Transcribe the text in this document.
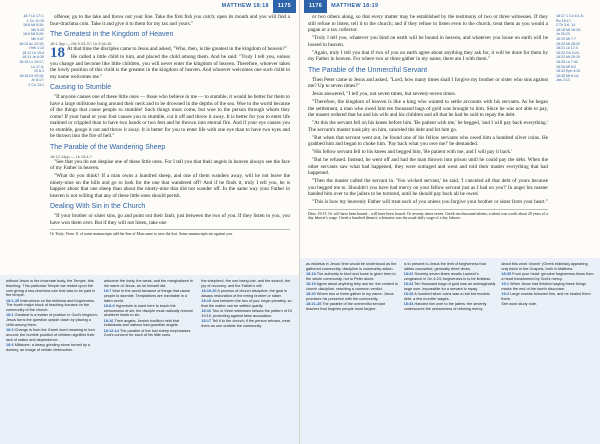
MATTHEW 18:18 1175
18:7 Lk 17:1;
1 Co 11:19
18:8 Mt 5:30;
Mk 9:43
18:9 Mt 5:29;
Mk 9:47
18:10 Ac 12:15;
Heb 1:14
18:12 Lk 15:4
18:14 Jn 6:39
18:15 Lv 19:17;
Lk 17:3;
Gl 6:1
18:16 Dt 19:15;
Jn 8:17;
2 Co 13:1

offense; go to the lake and throw out your line. Take the first fish you catch; open its mouth and you will find a four-drachma coin. Take it and give it to them for my tax and yours."

The Greatest in the Kingdom of Heaven
18:1-5pp — Mk 9:33-37; Lk 9:46-48

18 At that time the disciples came to Jesus and asked, "Who, then, is the greatest in the kingdom of heaven?"

He called a little child to him, and placed the child among them. And he said: "Truly I tell you, unless you change and become like little children, you will never enter the kingdom of heaven. Therefore, whoever takes the lowly position of this child is the greatest in the kingdom of heaven. And whoever welcomes one such child in my name welcomes me."

Causing to Stumble

"If anyone causes one of these little ones — those who believe in me — to stumble, it would be better for them to have a large millstone hung around their neck and to be drowned in the depths of the sea. Woe to the world because of the things that cause people to stumble! Such things must come, but woe to the person through whom they come! If your hand or your foot causes you to stumble, cut it off and throw it away. It is better for you to enter life maimed or crippled than to have two hands or two feet and be thrown into eternal fire. And if your eye causes you to stumble, gouge it out and throw it away. It is better for you to enter life with one eye than to have two eyes and be thrown into the fire of hell."

The Parable of the Wandering Sheep
18:12-14pp — Lk 15:4-7

"See that you do not despise one of these little ones. For I tell you that their angels in heaven always see the face of my Father in heaven.

"What do you think? If a man owns a hundred sheep, and one of them wanders away, will he not leave the ninety-nine on the hills and go to look for the one that wandered off? And if he finds it, truly I tell you, he is happier about that one sheep than about the ninety-nine that did not wander off. In the same way your Father in heaven is not willing that any of these little ones should perish.

Dealing With Sin in the Church

"If your brother or sister sins, go and point out their fault, just between the two of you. If they listen to you, you have won them over. But if they will not listen, take one

Or Truly; Verse 11 of some manuscripts add the Son of Man came to save the lost. Some manuscripts sin against you.
without Jesus in the incarnate body, the Temple, this teaching. This particular Temple tax rested upon the coin giving a two-drachma coin that was to be paid in the temple.
18:1-35 Instructions on the ekklesia and forgiveness. The fourth major block of teaching focuses on the community of the church.
18:1 Greatest is a matter of position in God's kingdom; Jesus turns the question upside down by placing a child among them.
18:3 Change is from the Greek word meaning to turn around; the humble position of children signifies their lack of status and dependence.
18:6 Millstone: a heavy grinding stone turned by a donkey, an image of certain destruction.
welcome the lowly, the weak, and the marginalized in the name of Jesus, as he himself did.
18:7 Woe to the world because of things that cause people to stumble. Temptations are inevitable in a fallen world.
18:8-9 Hyperbole is used here to teach the seriousness of sin; the disciple must radically remove whatever leads to sin.
18:10 Their angels: Jewish tradition held that individuals and nations had guardian angels.
18:12-14 The parable of the lost sheep emphasizes God's concern for each of his little ones.
the shepherd, the one being lost, and the search, the joy of recovery, and the Father's will.
18:15-20 A process of church discipline; the goal is always restoration of the erring brother or sister.
18:15 Just between the two of you: begin privately, so that the matter can be settled quietly.
18:16 Two or three witnesses follows the pattern of Dt 19:15, protecting against false accusation.
18:17 Tell it to the church; if the person refuses, treat them as one outside the community.
1176 MATTHEW 18:19

or two others along, so that every matter may be established by the testimony of two or three witnesses. If they still refuse to listen, tell it to the church; and if they refuse to listen even to the church, treat them as you would a pagan or a tax collector.

"Truly I tell you, whatever you bind on earth will be bound in heaven, and whatever you loose on earth will be loosed in heaven.

"Again, truly I tell you that if two of you on earth agree about anything they ask for, it will be done for them by my Father in heaven. For where two or three gather in my name, there am I with them."

The Parable of the Unmerciful Servant

Then Peter came to Jesus and asked, "Lord, how many times shall I forgive my brother or sister who sins against me? Up to seven times?"

Jesus answered, "I tell you, not seven times, but seventy-seven times.

"Therefore, the kingdom of heaven is like a king who wanted to settle accounts with his servants. As he began the settlement, a man who owed him ten thousand bags of gold was brought to him. Since he was not able to pay, the master ordered that he and his wife and his children and all that he had be sold to repay the debt.

"At this the servant fell on his knees before him. 'Be patient with me,' he begged, 'and I will pay back everything.' The servant's master took pity on him, canceled the debt and let him go.

"But when that servant went out, he found one of his fellow servants who owed him a hundred silver coins. He grabbed him and began to choke him. 'Pay back what you owe me!' he demanded.

"His fellow servant fell to his knees and begged him, 'Be patient with me, and I will pay it back.'

"But he refused. Instead, he went off and had the man thrown into prison until he could pay the debt. When the other servants saw what had happened, they were outraged and went and told their master everything that had happened.

"Then the master called the servant in. 'You wicked servant,' he said, 'I canceled all that debt of yours because you begged me to. Shouldn't you have had mercy on your fellow servant just as I had on you?' In anger his master handed him over to the jailers to be tortured, until he should pay back all he owed.

"This is how my heavenly Father will treat each of you unless you forgive your brother or sister from your heart."

Deut. 19:15. Or will have been bound... will have been loosed. Or seventy times seven. Greek ten thousand talents; a talent was worth about 20 years of a day laborer's wage. Greek a hundred denarii; a denarius was the usual daily wage of a day laborer.
18:17 1 Co 6:1-6;
Ro 16:17;
2 Th 3:6, 14
18:18 Mt 16:19;
Jn 20:23
18:19 Mt 7:7
18:20 Mt 28:20
18:21 Lk 17:4
18:22 Gn 4:24
18:23 Mt 25:19
18:25 Lk 7:42
18:26 Mt 8:2
18:33 Eph 4:32
18:35 Mt 6:14;
Jas 2:13
as ekklesia in Jesus' time would be understood as the gathered community; discipline is community action.
18:18 The authority to bind and loose is given here to the whole community, not to Peter alone.
18:19 Agree about anything they ask for: the context is church discipline, reaching a common verdict.
18:20 Where two or three gather in my name: Jesus promises his presence with the community.
18:21-35 The parable of the unmerciful servant teaches that forgiven people must forgive.
is to present to Jesus the limit of forgiveness that rabbis counseled, generally three times.
18:22 Seventy-seven times recalls Lamech's vengeance in Gn 4:24; forgiveness is to be limitless.
18:24 Ten thousand bags of gold was an unimaginably large sum, impossible for a servant to repay.
18:28 A hundred silver coins was a real but modest debt, a few months' wages.
18:34 Handed him over to the jailers: the severity underscores the seriousness of refusing mercy.
about this word 'church' (Greek ekklesia) appearing only twice in the Gospels, both in Matthew.
18:35 From your heart: genuine forgiveness flows from a heart transformed by God's mercy.
19:1 When Jesus had finished saying these things marks the end of the fourth discourse.
19:2 Large crowds followed him, and he healed them there.
See word study note.
